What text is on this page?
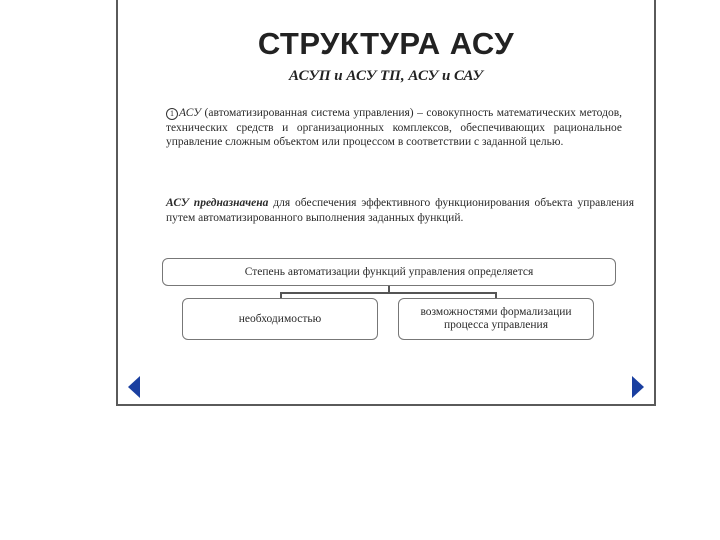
СТРУКТУРА АСУ
АСУП и АСУ ТП, АСУ и САУ
1 АСУ (автоматизированная система управления) – совокупность математических методов, технических средств и организационных комплексов, обеспечивающих рациональное управление сложным объектом или процессом в соответствии с заданной целью.
АСУ предназначена для обеспечения эффективного функционирования объекта управления путем автоматизированного выполнения заданных функций.
Степень автоматизации функций управления определяется
необходимостью
возможностями формализации процесса управления
